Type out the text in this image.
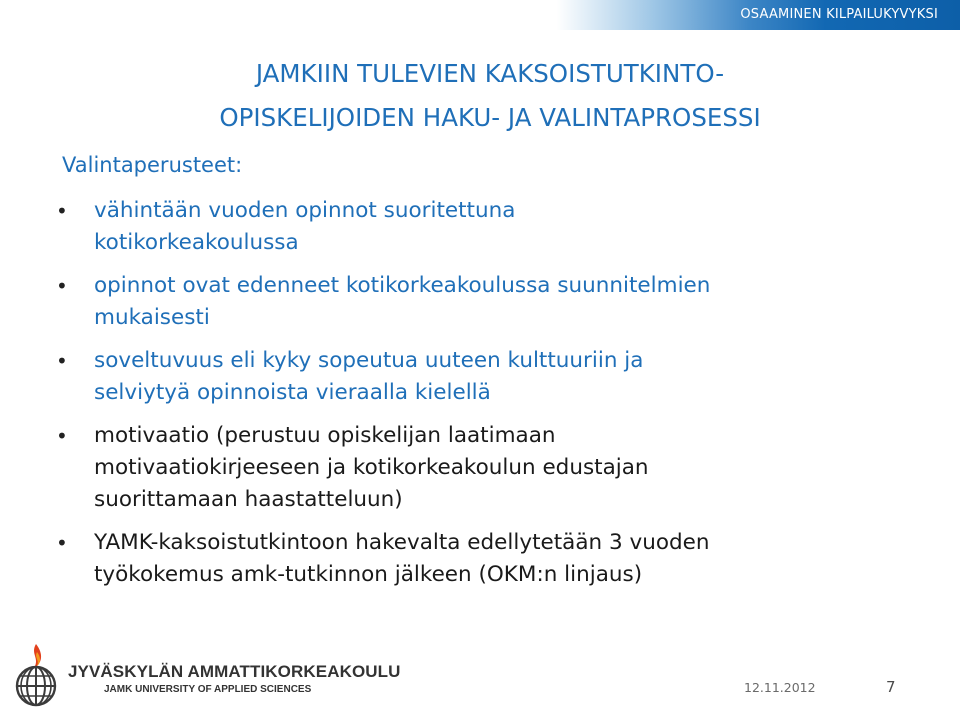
OSAAMINEN KILPAILUKYVYKSI
JAMKIIN TULEVIEN KAKSOISTUTKINTO-
OPISKELIJOIDEN HAKU- JA VALINTAPROSESSI
Valintaperusteet:
• vähintään vuoden opinnot suoritettuna
kotikorkeakoulussa
• opinnot ovat edenneet kotikorkeakoulussa suunnitelmien
mukaisesti
• soveltuvuus eli kyky sopeutua uuteen kulttuuriin ja
selviytyä opinnoista vieraalla kielellä
• motivaatio (perustuu opiskelijan laatimaan
motivaatiokirjeeseen ja kotikorkeakoulun edustajan
suorittamaan haastatteluun)
• YAMK-kaksoistutkintoon hakevalta edellytetään 3 vuoden
työkokemus amk-tutkinnon jälkeen (OKM:n linjaus)
JYVÄSKYLÄN AMMATTIKORKEAKOULU
JAMK UNIVERSITY OF APPLIED SCIENCES	12.11.2012	7
